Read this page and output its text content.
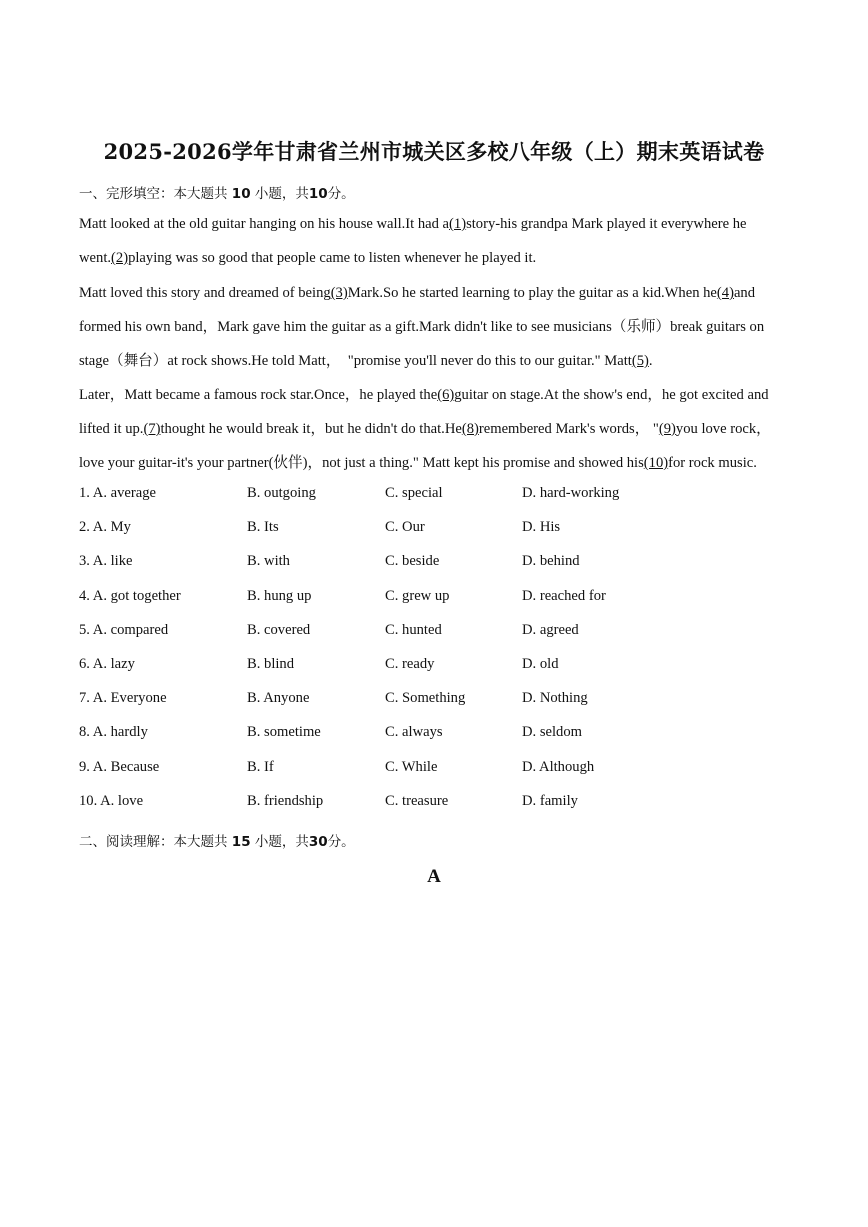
2025-2026学年甘肃省兰州市城关区多校八年级（上）期末英语试卷
一、完形填空：本大题共 10 小题，共10分。
Matt looked at the old guitar hanging on his house wall.It had a(1)story-his grandpa Mark played it everywhere he
went.(2)playing was so good that people came to listen whenever he played it.
Matt loved this story and dreamed of being(3)Mark.So he started learning to play the guitar as a kid.When he(4)and
formed his own band，Mark gave him the guitar as a gift.Mark didn't like to see musicians（乐师）break guitars on
stage（舞台）at rock shows.He told Matt，  "promise you'll never do this to our guitar." Matt(5).
Later，Matt became a famous rock star.Once，he played the(6)guitar on stage.At the show's end，he got excited and
lifted it up.(7)thought he would break it，but he didn't do that.He(8)remembered Mark's words， "(9)you love rock，
love your guitar-it's your partner(伙伴)，not just a thing." Matt kept his promise and showed his(10)for rock music.
1. A. average	B. outgoing	C. special	D. hard-working
2. A. My	B. Its	C. Our	D. His
3. A. like	B. with	C. beside	D. behind
4. A. got together	B. hung up	C. grew up	D. reached for
5. A. compared	B. covered	C. hunted	D. agreed
6. A. lazy	B. blind	C. ready	D. old
7. A. Everyone	B. Anyone	C. Something	D. Nothing
8. A. hardly	B. sometime	C. always	D. seldom
9. A. Because	B. If	C. While	D. Although
10. A. love	B. friendship	C. treasure	D. family
二、阅读理解：本大题共 15 小题，共30分。
A
